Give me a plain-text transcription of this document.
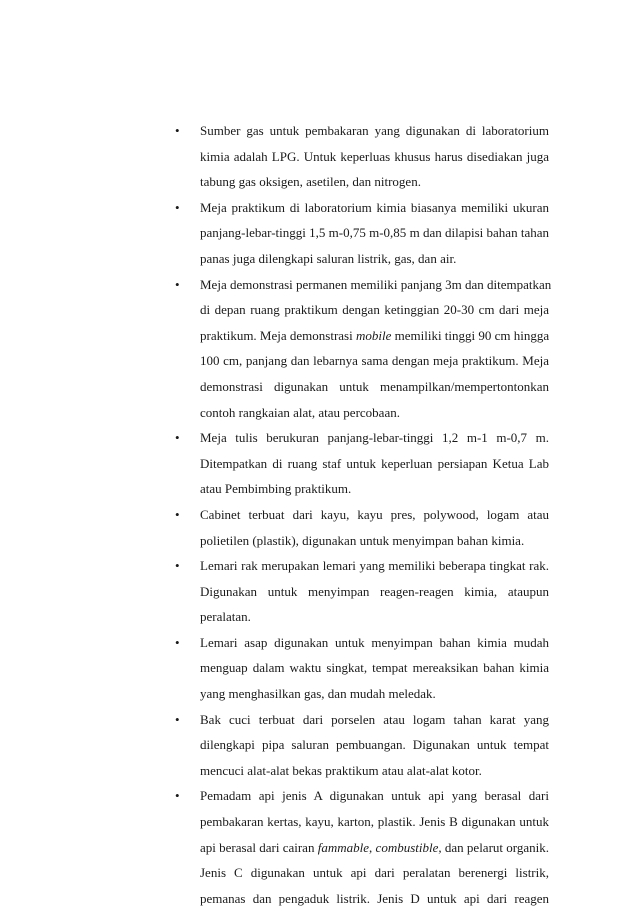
• Sumber gas untuk pembakaran yang digunakan di laboratorium
kimia adalah LPG. Untuk keperluas khusus harus disediakan juga
tabung gas oksigen, asetilen, dan nitrogen.
• Meja praktikum di laboratorium kimia biasanya memiliki ukuran
panjang-lebar-tinggi 1,5 m-0,75 m-0,85 m dan dilapisi bahan tahan
panas juga dilengkapi saluran listrik, gas, dan air.
• Meja demonstrasi permanen memiliki panjang 3m dan ditempatkan
di depan ruang praktikum dengan ketinggian 20-30 cm dari meja
praktikum. Meja demonstrasi mobile memiliki tinggi 90 cm hingga
100 cm, panjang dan lebarnya sama dengan meja praktikum. Meja
demonstrasi digunakan untuk menampilkan/mempertontonkan
contoh rangkaian alat, atau percobaan.
• Meja tulis berukuran panjang-lebar-tinggi 1,2 m-1 m-0,7 m.
Ditempatkan di ruang staf untuk keperluan persiapan Ketua Lab
atau Pembimbing praktikum.
• Cabinet terbuat dari kayu, kayu pres, polywood, logam atau
polietilen (plastik), digunakan untuk menyimpan bahan kimia.
• Lemari rak merupakan lemari yang memiliki beberapa tingkat rak.
Digunakan untuk menyimpan reagen-reagen kimia, ataupun
peralatan.
• Lemari asap digunakan untuk menyimpan bahan kimia mudah
menguap dalam waktu singkat, tempat mereaksikan bahan kimia
yang menghasilkan gas, dan mudah meledak.
• Bak cuci terbuat dari porselen atau logam tahan karat yang
dilengkapi pipa saluran pembuangan. Digunakan untuk tempat
mencuci alat-alat bekas praktikum atau alat-alat kotor.
• Pemadam api jenis A digunakan untuk api yang berasal dari
pembakaran kertas, kayu, karton, plastik. Jenis B digunakan untuk
api berasal dari cairan fammable, combustible, dan pelarut organik.
Jenis C digunakan untuk api dari peralatan berenergi listrik,
pemanas dan pengaduk listrik. Jenis D untuk api dari reagen
